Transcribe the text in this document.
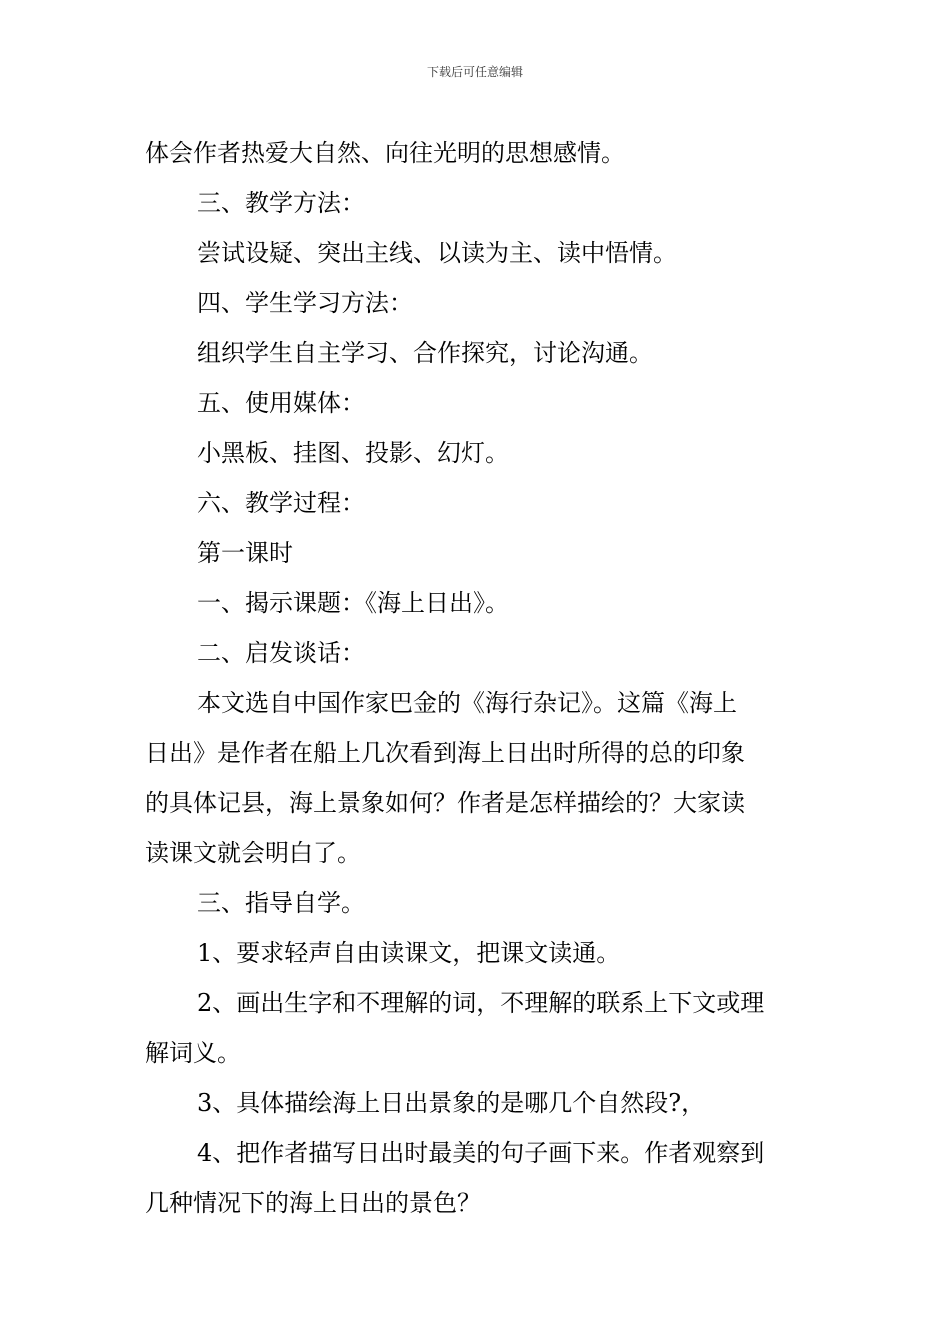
下载后可任意编辑
体会作者热爱大自然、向往光明的思想感情。
三、教学方法：
尝试设疑、突出主线、以读为主、读中悟情。
四、学生学习方法：
组织学生自主学习、合作探究，讨论沟通。
五、使用媒体：
小黑板、挂图、投影、幻灯。
六、教学过程：
第一课时
一、揭示课题：《海上日出》。
二、启发谈话：
本文选自中国作家巴金的《海行杂记》。这篇《海上
日出》是作者在船上几次看到海上日出时所得的总的印象
的具体记县，海上景象如何？作者是怎样描绘的？大家读
读课文就会明白了。
三、指导自学。
1、要求轻声自由读课文，把课文读通。
2、画出生字和不理解的词，不理解的联系上下文或理
解词义。
3、具体描绘海上日出景象的是哪几个自然段?，
4、把作者描写日出时最美的句子画下来。作者观察到
几种情况下的海上日出的景色？
